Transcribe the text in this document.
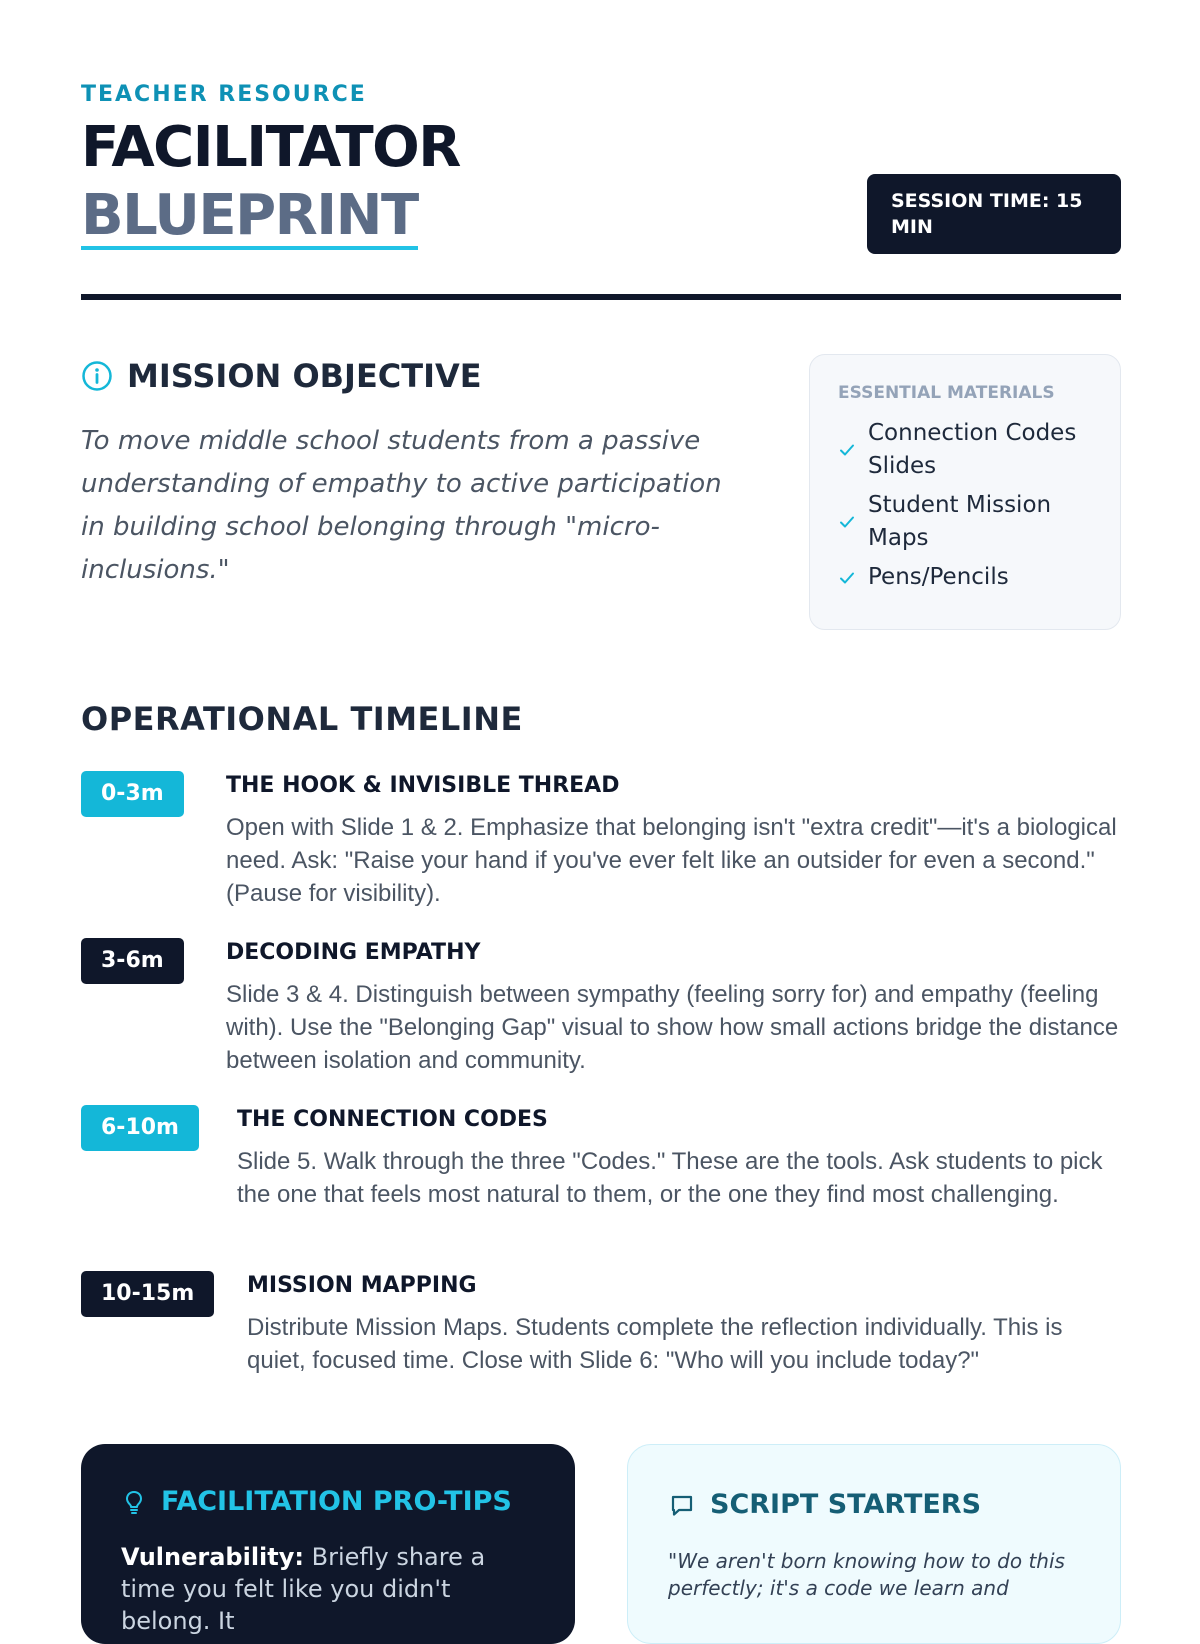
TEACHER RESOURCE
FACILITATOR
BLUEPRINT	SESSION TIME: 15 MIN
MISSION OBJECTIVE
To move middle school students from a passive understanding of empathy to active participation in building school belonging through "micro-inclusions."
ESSENTIAL MATERIALS
Connection Codes Slides
Student Mission Maps
Pens/Pencils
OPERATIONAL TIMELINE
0-3m	THE HOOK & INVISIBLE THREAD
Open with Slide 1 & 2. Emphasize that belonging isn't "extra credit"—it's a biological need. Ask: "Raise your hand if you've ever felt like an outsider for even a second." (Pause for visibility).
3-6m	DECODING EMPATHY
Slide 3 & 4. Distinguish between sympathy (feeling sorry for) and empathy (feeling with). Use the "Belonging Gap" visual to show how small actions bridge the distance between isolation and community.
6-10m	THE CONNECTION CODES
Slide 5. Walk through the three "Codes." These are the tools. Ask students to pick the one that feels most natural to them, or the one they find most challenging.
10-15m	MISSION MAPPING
Distribute Mission Maps. Students complete the reflection individually. This is quiet, focused time. Close with Slide 6: "Who will you include today?"
FACILITATION PRO-TIPS
Vulnerability: Briefly share a time you felt like you didn't belong. It
SCRIPT STARTERS
"We aren't born knowing how to do this perfectly; it's a code we learn and
